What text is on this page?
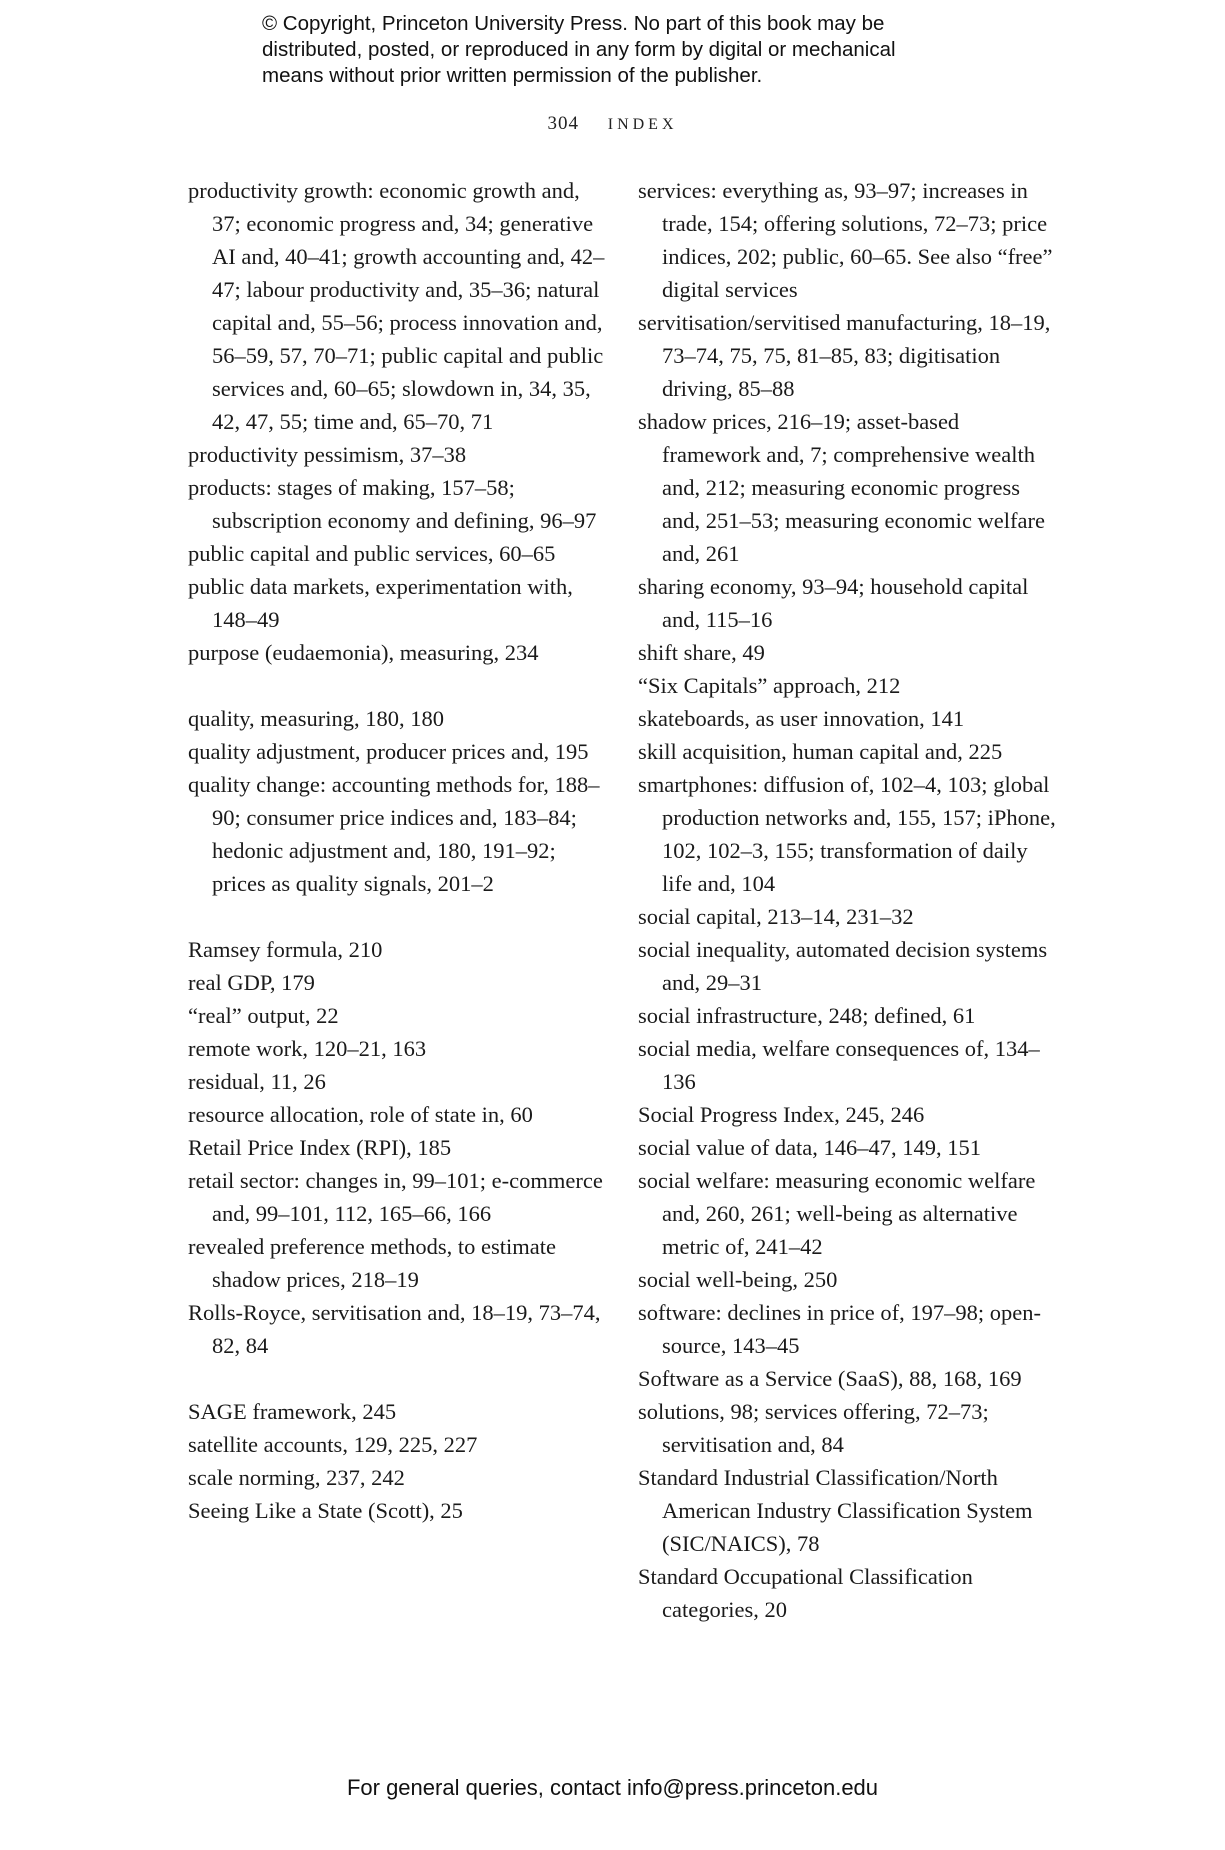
© Copyright, Princeton University Press. No part of this book may be
distributed, posted, or reproduced in any form by digital or mechanical
means without prior written permission of the publisher.
304 INDEX
productivity growth: economic growth and, 37; economic progress and, 34; generative AI and, 40–41; growth accounting and, 42–47; labour productivity and, 35–36; natural capital and, 55–56; process innovation and, 56–59, 57, 70–71; public capital and public services and, 60–65; slowdown in, 34, 35, 42, 47, 55; time and, 65–70, 71
productivity pessimism, 37–38
products: stages of making, 157–58; subscription economy and defining, 96–97
public capital and public services, 60–65
public data markets, experimentation with, 148–49
purpose (eudaemonia), measuring, 234
quality, measuring, 180, 180
quality adjustment, producer prices and, 195
quality change: accounting methods for, 188–90; consumer price indices and, 183–84; hedonic adjustment and, 180, 191–92; prices as quality signals, 201–2
Ramsey formula, 210
real GDP, 179
“real” output, 22
remote work, 120–21, 163
residual, 11, 26
resource allocation, role of state in, 60
Retail Price Index (RPI), 185
retail sector: changes in, 99–101; e-commerce and, 99–101, 112, 165–66, 166
revealed preference methods, to estimate shadow prices, 218–19
Rolls-Royce, servitisation and, 18–19, 73–74, 82, 84
SAGE framework, 245
satellite accounts, 129, 225, 227
scale norming, 237, 242
Seeing Like a State (Scott), 25
services: everything as, 93–97; increases in trade, 154; offering solutions, 72–73; price indices, 202; public, 60–65. See also “free” digital services
servitisation/servitised manufacturing, 18–19, 73–74, 75, 75, 81–85, 83; digitisation driving, 85–88
shadow prices, 216–19; asset-based framework and, 7; comprehensive wealth and, 212; measuring economic progress and, 251–53; measuring economic welfare and, 261
sharing economy, 93–94; household capital and, 115–16
shift share, 49
“Six Capitals” approach, 212
skateboards, as user innovation, 141
skill acquisition, human capital and, 225
smartphones: diffusion of, 102–4, 103; global production networks and, 155, 157; iPhone, 102, 102–3, 155; transformation of daily life and, 104
social capital, 213–14, 231–32
social inequality, automated decision systems and, 29–31
social infrastructure, 248; defined, 61
social media, welfare consequences of, 134–136
Social Progress Index, 245, 246
social value of data, 146–47, 149, 151
social welfare: measuring economic welfare and, 260, 261; well-being as alternative metric of, 241–42
social well-being, 250
software: declines in price of, 197–98; open-source, 143–45
Software as a Service (SaaS), 88, 168, 169
solutions, 98; services offering, 72–73; servitisation and, 84
Standard Industrial Classification/North American Industry Classification System (SIC/NAICS), 78
Standard Occupational Classification categories, 20
For general queries, contact info@press.princeton.edu
